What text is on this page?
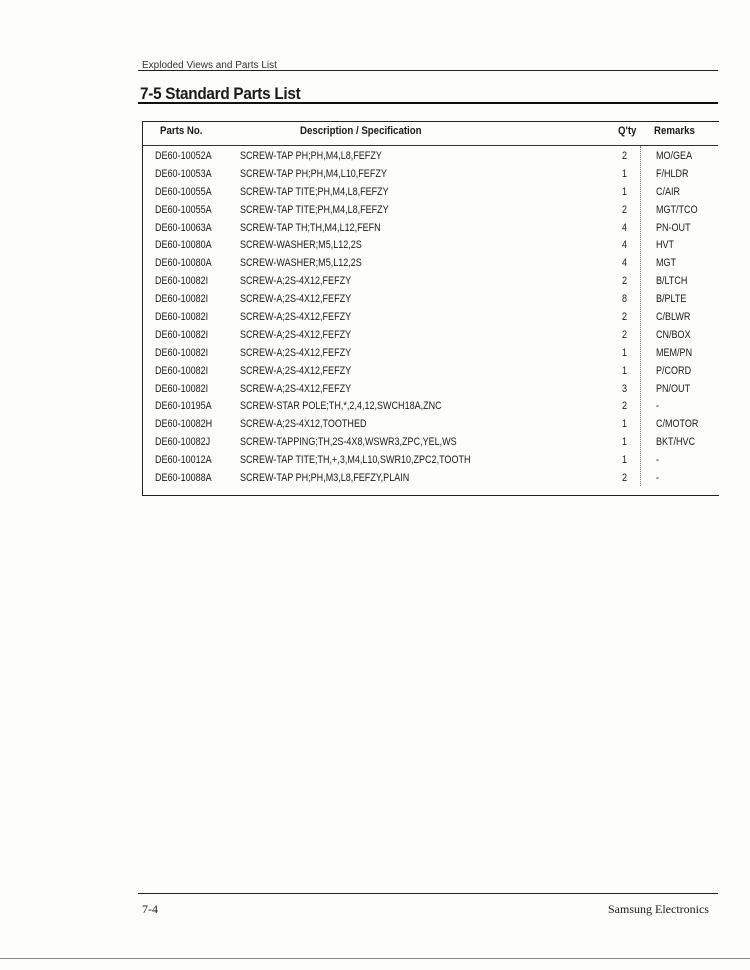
Exploded Views and Parts List
7-5 Standard Parts List
Parts No.	Description / Specification	Q'ty Remarks
DE60-10052A	SCREW-TAP PH;PH,M4,L8,FEFZY	2	MO/GEA
DE60-10053A	SCREW-TAP PH;PH,M4,L10,FEFZY	1	F/HLDR
DE60-10055A	SCREW-TAP TITE;PH,M4,L8,FEFZY	1	C/AIR
DE60-10055A	SCREW-TAP TITE;PH,M4,L8,FEFZY	2	MGT/TCO
DE60-10063A	SCREW-TAP TH;TH,M4,L12,FEFN	4	PN-OUT
DE60-10080A	SCREW-WASHER;M5,L12,2S	4	HVT
DE60-10080A	SCREW-WASHER;M5,L12,2S	4	MGT
DE60-10082I	SCREW-A;2S-4X12,FEFZY	2	B/LTCH
DE60-10082I	SCREW-A;2S-4X12,FEFZY	8	B/PLTE
DE60-10082I	SCREW-A;2S-4X12,FEFZY	2	C/BLWR
DE60-10082I	SCREW-A;2S-4X12,FEFZY	2	CN/BOX
DE60-10082I	SCREW-A;2S-4X12,FEFZY	1	MEM/PN
DE60-10082I	SCREW-A;2S-4X12,FEFZY	1	P/CORD
DE60-10082I	SCREW-A;2S-4X12,FEFZY	3	PN/OUT
DE60-10195A	SCREW-STAR POLE;TH,*,2,4,12,SWCH18A,ZNC	2	-
DE60-10082H	SCREW-A;2S-4X12,TOOTHED	1	C/MOTOR
DE60-10082J	SCREW-TAPPING;TH,2S-4X8,WSWR3,ZPC,YEL,WS	1	BKT/HVC
DE60-10012A	SCREW-TAP TITE;TH,+,3,M4,L10,SWR10,ZPC2,TOOTH	1	-
DE60-10088A	SCREW-TAP PH;PH,M3,L8,FEFZY,PLAIN	2	-
7-4	Samsung Electronics
